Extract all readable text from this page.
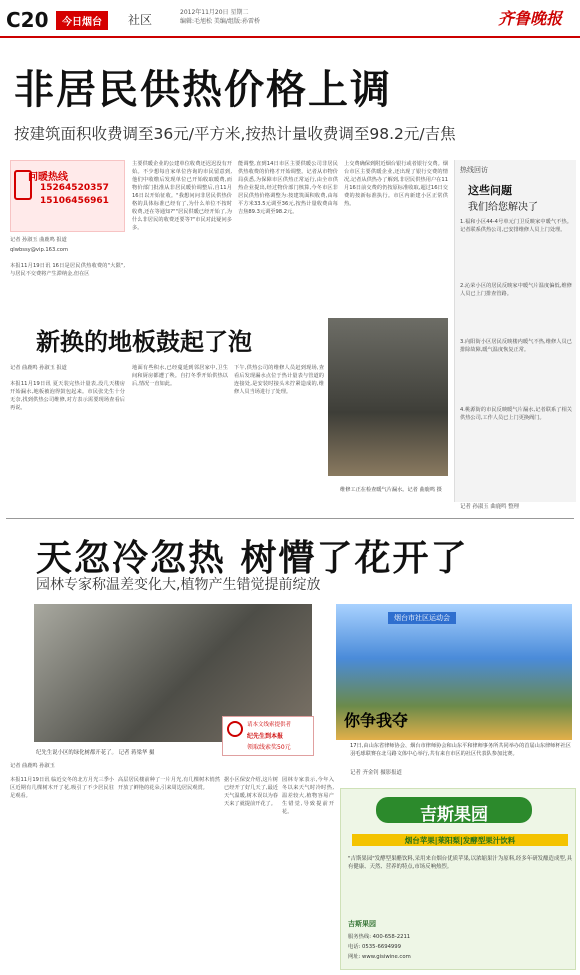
C20	今日烟台	社区
2012年11月20日 星期二
编辑:毛旭松 美编/组版:孙雷桥	齐鲁晚报
非居民供热价格上调
按建筑面积收费调至36元/平方米,按热计量收费调至98.2元/吉焦
问暖热线
15264520357
15106456961
记者 孙淑玉 曲鹿鸣 报道
qlwbssy@vip.163.com
本报11月19日讯 16日是居民供热收费的"大限",与居民不交费将产生滞纳金,但在区
主要供暖企业的公建单位收费还迟迟没有开始。不少想每自家单位咨询的市民留意到,他们中收缴后发现单位已开始收取暖费,而物价部门批准从非居民暖价调整后,自11月16日以开始征收。"我想问问非居民供热价格的具体标准已经有了,为什么单位不按时收费,还在等通知?""居民供暖已经开始了,为什么非居民的收费还要等?"市民对此疑问多多。
能调整,直到14日市区主要供暖公司非居民供热收费的价格才开始调整。记者从市物价局获悉,为保障市区供热正常运行,由全市供热企业提出,经过物价部门核算,今冬市区非居民供热价格调整为:按建筑面积收费,由每平方米33.5元调至36元,按热计量收费由每吉焦89.3元调至98.2元。
上交费确保到附近烟台银行或者银行交费。烟台市区主要供暖企业,还出现了银行交费的情况,记者从供热办了解到,非居民供热用户在11月16日前交费的仍按原标准收取,超过16日交费的按新标准执行。市区内新建小区正常供热。
热线回访
这些问题
我们给您解决了
1.福和小区44-4号单元门卫反映家中暖气不热。记者联系供热公司,已安排维修人员上门处理。
2.沁荣小区的居民反映家中暖气片温度偏低,维修人员已上门排查管路。
3.向阳街小区居民反映楼内暖气不热,维修人员已排除故障,暖气温度恢复正常。
4.桃源街的市民反映暖气片漏水,记者联系了相关供热公司,工作人员已上门更换阀门。
记者 孙淑玉 曲鹿鸣 整理
新换的地板鼓起了泡
记者 曲鹿鸣 孙淑玉 报道
本报11月19日讯 夏天装完热计量表,没几天楼房开始漏水,地板被泡得鼓包起来。市民张先生十分无奈,找到供热公司维修,对方表示需要现场查看后再说。
地面有些积水,已经蔓延到邻居家中,卫生间和厨房都遭了殃。自打冬季开始供热以后,情况一直如此。
下午,供热公司的维修人员赶到现场,查看后发现漏水点位于热计量表与管道的连接处,是安装时接头未拧紧造成的,维修人员当场进行了处理。
维修工正在检查暖气片漏水。记者 曲鹿鸣 摄
天忽冷忽热 树懵了花开了
园林专家称温差变化大,植物产生错觉提前绽放
请本文线索提供者
纪先生到本报
领取线索奖50元
纪先生说小区的绿化树都开花了。 记者 蒋梁华 摄
记者 曲鹿鸣 孙淑玉
本报11月19日讯 临近交冬的北方月光三季小区近期有几棵树木开了花,吸引了不少居民驻足观看。
高层居民楼前种了一片月光,有几棵树木悄然开放了鲜艳的花朵,引来周边居民观赏。
据小区保安介绍,这片树已经开了好几天了,最近天气温暖,树木误以为春天来了就提前开花了。
园林专家表示,今年入冬以来天气时冷时热,温差较大,植物容易产生错觉,导致提前开花。
烟台市社区运动会
你争我夺
17日,由山东省律师协会、烟台市律师协会和山东平和律师事务所共同举办的首届山东律师杯社区羽毛球联赛在北马路文体中心举行,共有来自市区的社区代表队参加比赛。
记者 齐金钊 摄影报道
吉斯果园
烟台苹果|莱阳梨|发酵型果汁饮料
"吉斯果园"发酵型果醋饮料,采用来自烟台优质苹果,以浓缩果汁为原料,经多年研发酿造成型,具有健康、天然、营养的特点,市场反响热烈。
吉斯果园
服务热线: 400-658-2211
电话: 0535-6694999
网址: www.gisiwine.com
